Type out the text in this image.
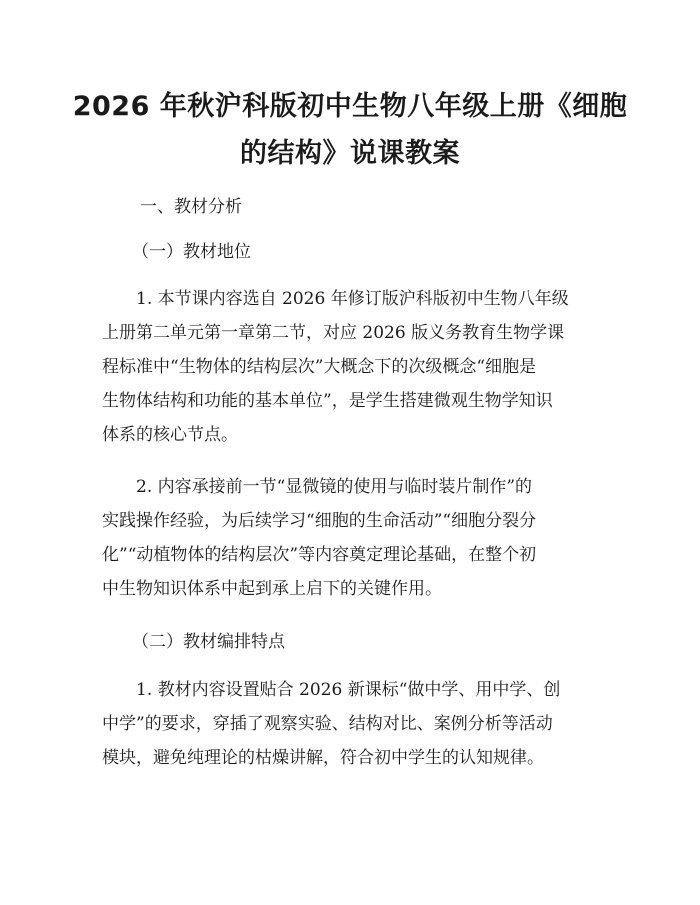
2026 年秋沪科版初中生物八年级上册《细胞
的结构》说课教案
一、教材分析
（一）教材地位
1. 本节课内容选自 2026 年修订版沪科版初中生物八年级
上册第二单元第一章第二节，对应 2026 版义务教育生物学课
程标准中“生物体的结构层次”大概念下的次级概念“细胞是
生物体结构和功能的基本单位”，是学生搭建微观生物学知识
体系的核心节点。
2. 内容承接前一节“显微镜的使用与临时装片制作”的
实践操作经验，为后续学习“细胞的生命活动”“细胞分裂分
化”“动植物体的结构层次”等内容奠定理论基础，在整个初
中生物知识体系中起到承上启下的关键作用。
（二）教材编排特点
1. 教材内容设置贴合 2026 新课标“做中学、用中学、创
中学”的要求，穿插了观察实验、结构对比、案例分析等活动
模块，避免纯理论的枯燥讲解，符合初中学生的认知规律。
